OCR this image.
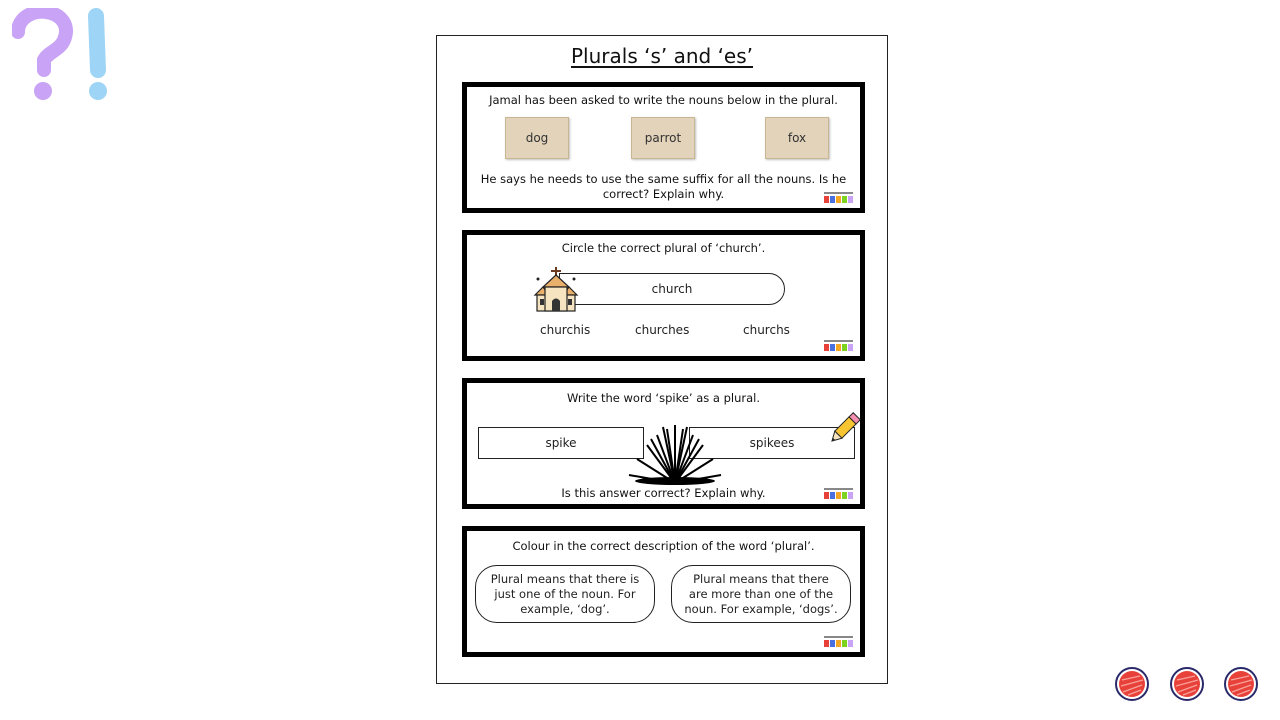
Plurals ‘s’ and ‘es’
Jamal has been asked to write the nouns below in the plural.
dog	parrot	fox
He says he needs to use the same suffix for all the nouns. Is he correct? Explain why.
Circle the correct plural of ‘church’.
church
churchis	churches	churchs
Write the word ‘spike’ as a plural.
spike	spikees
Is this answer correct? Explain why.
Colour in the correct description of the word ‘plural’.
Plural means that there is just one of the noun. For example, ‘dog’.
Plural means that there are more than one of the noun. For example, ‘dogs’.
